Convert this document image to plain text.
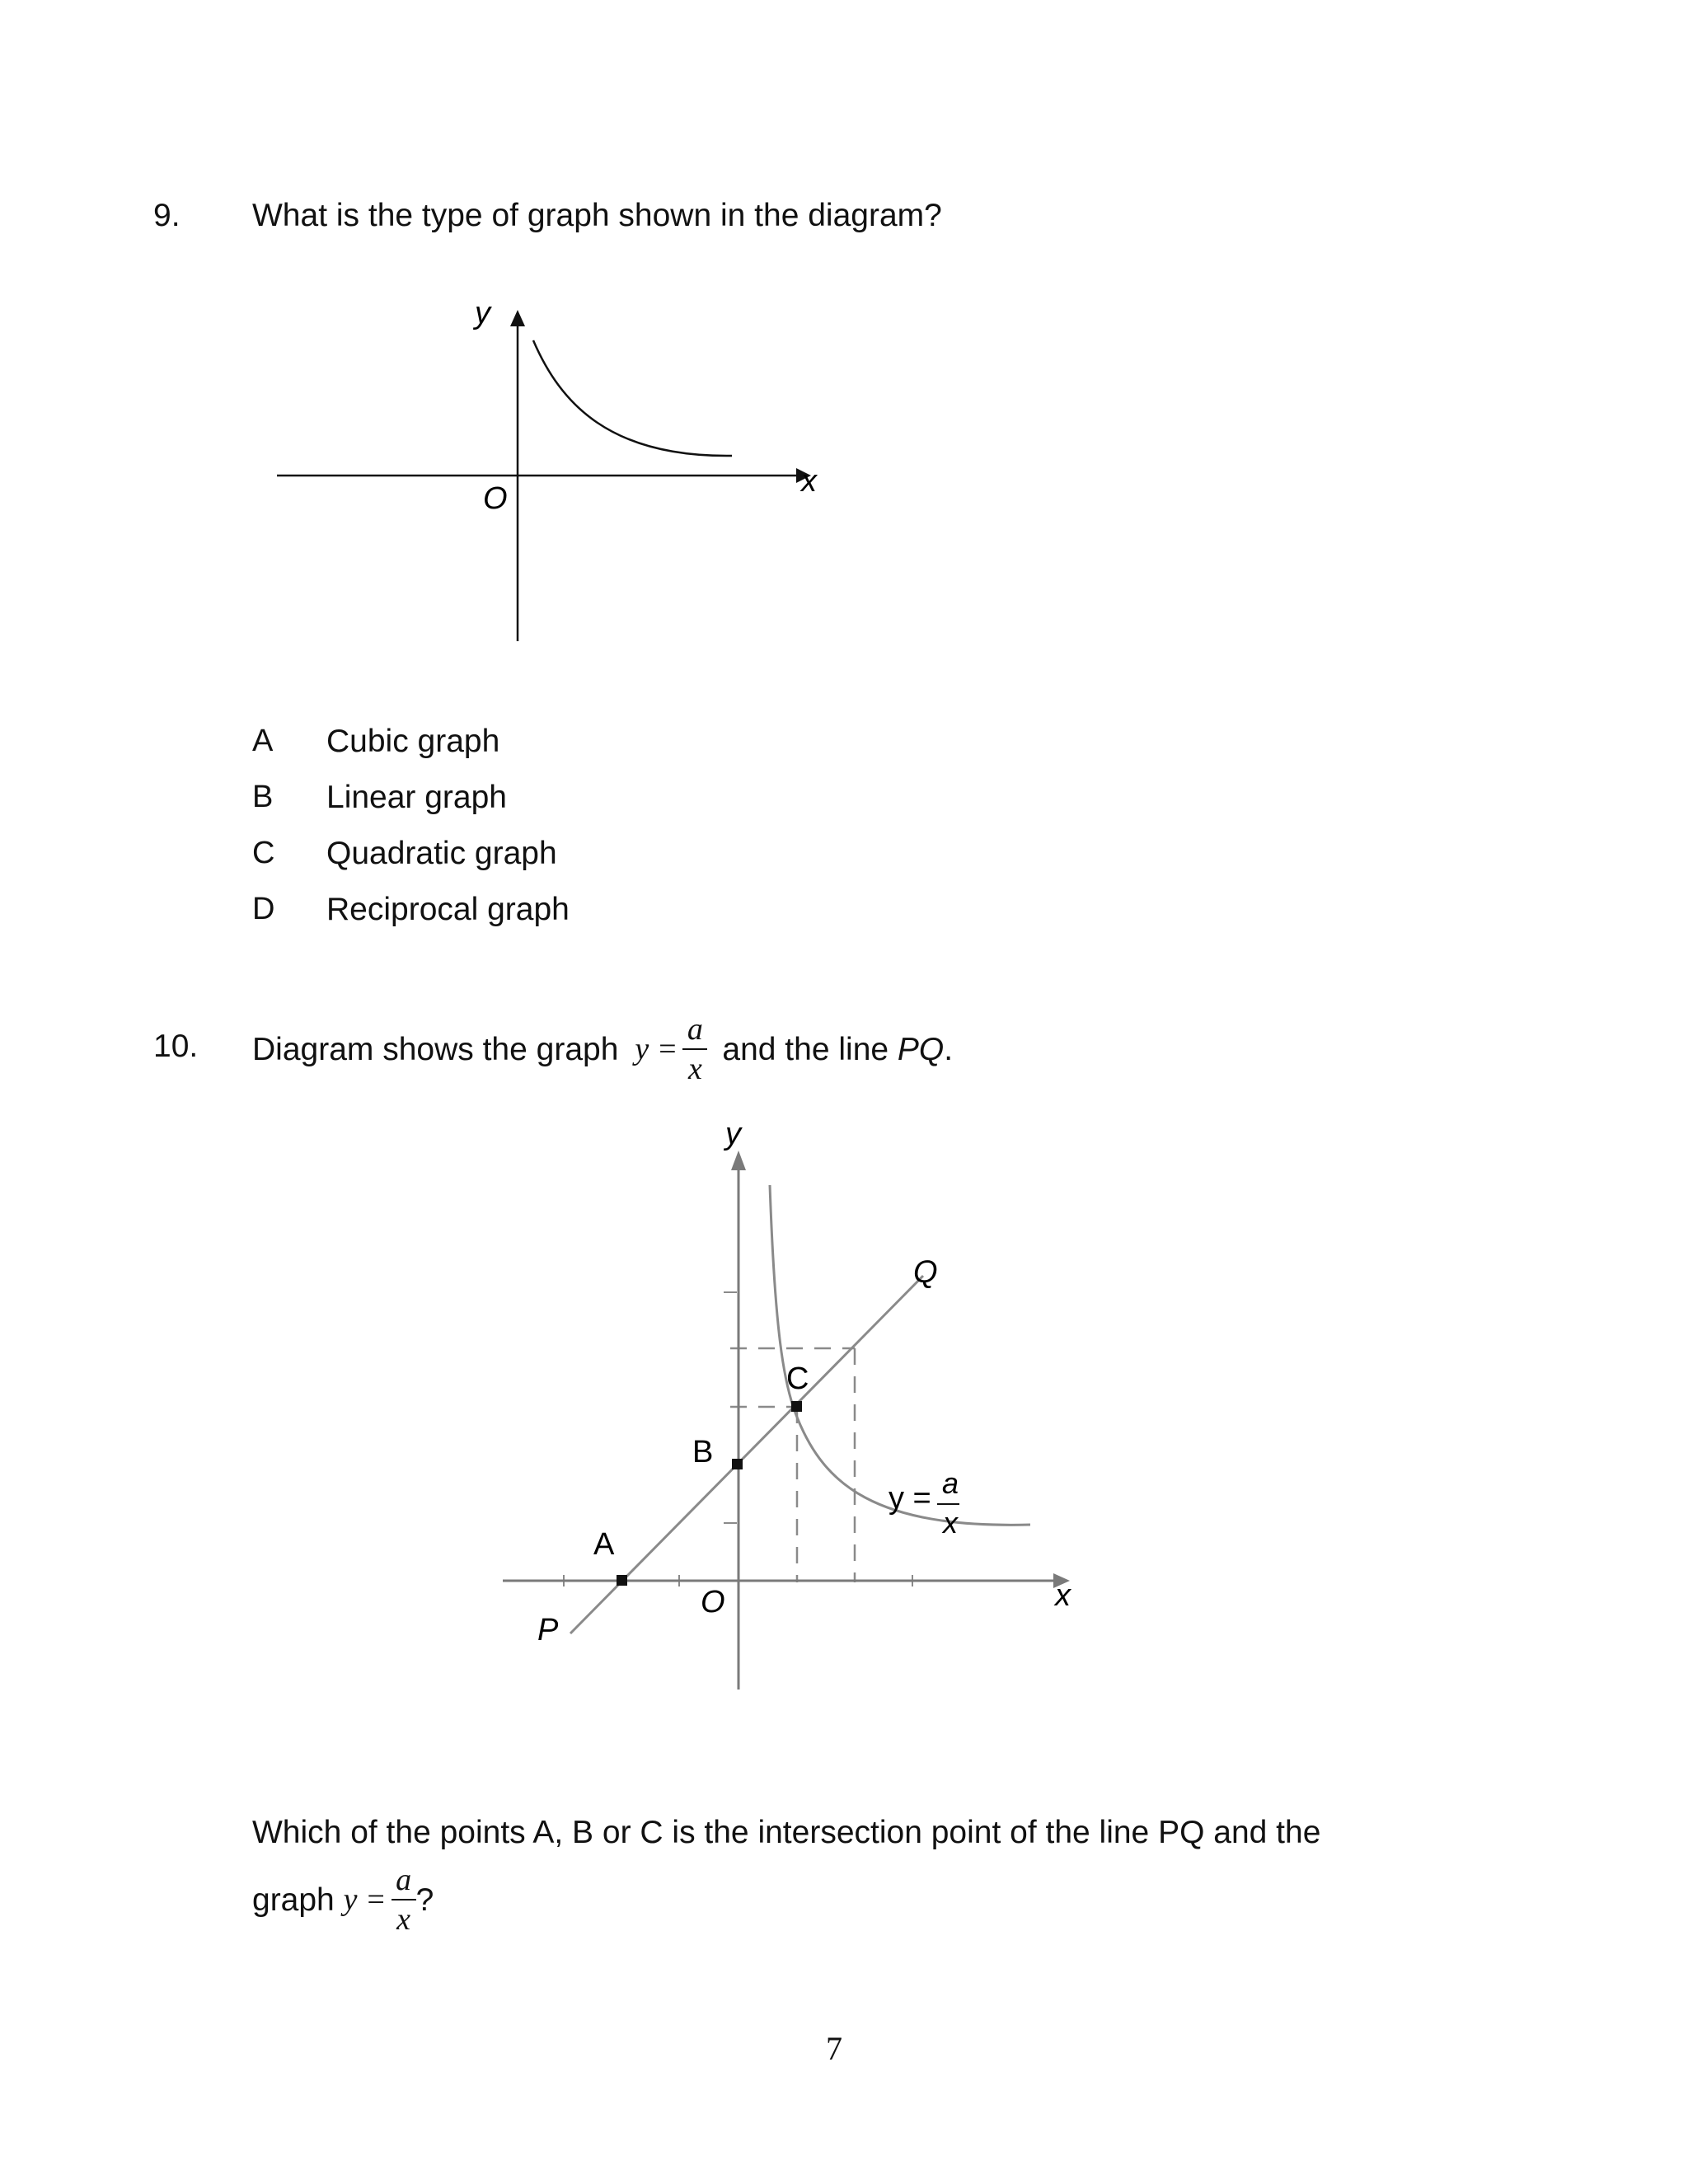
9. What is the type of graph shown in the diagram?
y
x
O
A Cubic graph
B Linear graph
C Quadratic graph
D Reciprocal graph
10. Diagram shows the graph $y = \frac{a}{x}$ and the line PQ .
y
x
O
P
Q
A
B
C
y = a
x
Which of the points A, B or C is the intersection point of the line PQ and the
graph $y = \frac{a}{x}$ ?
7
